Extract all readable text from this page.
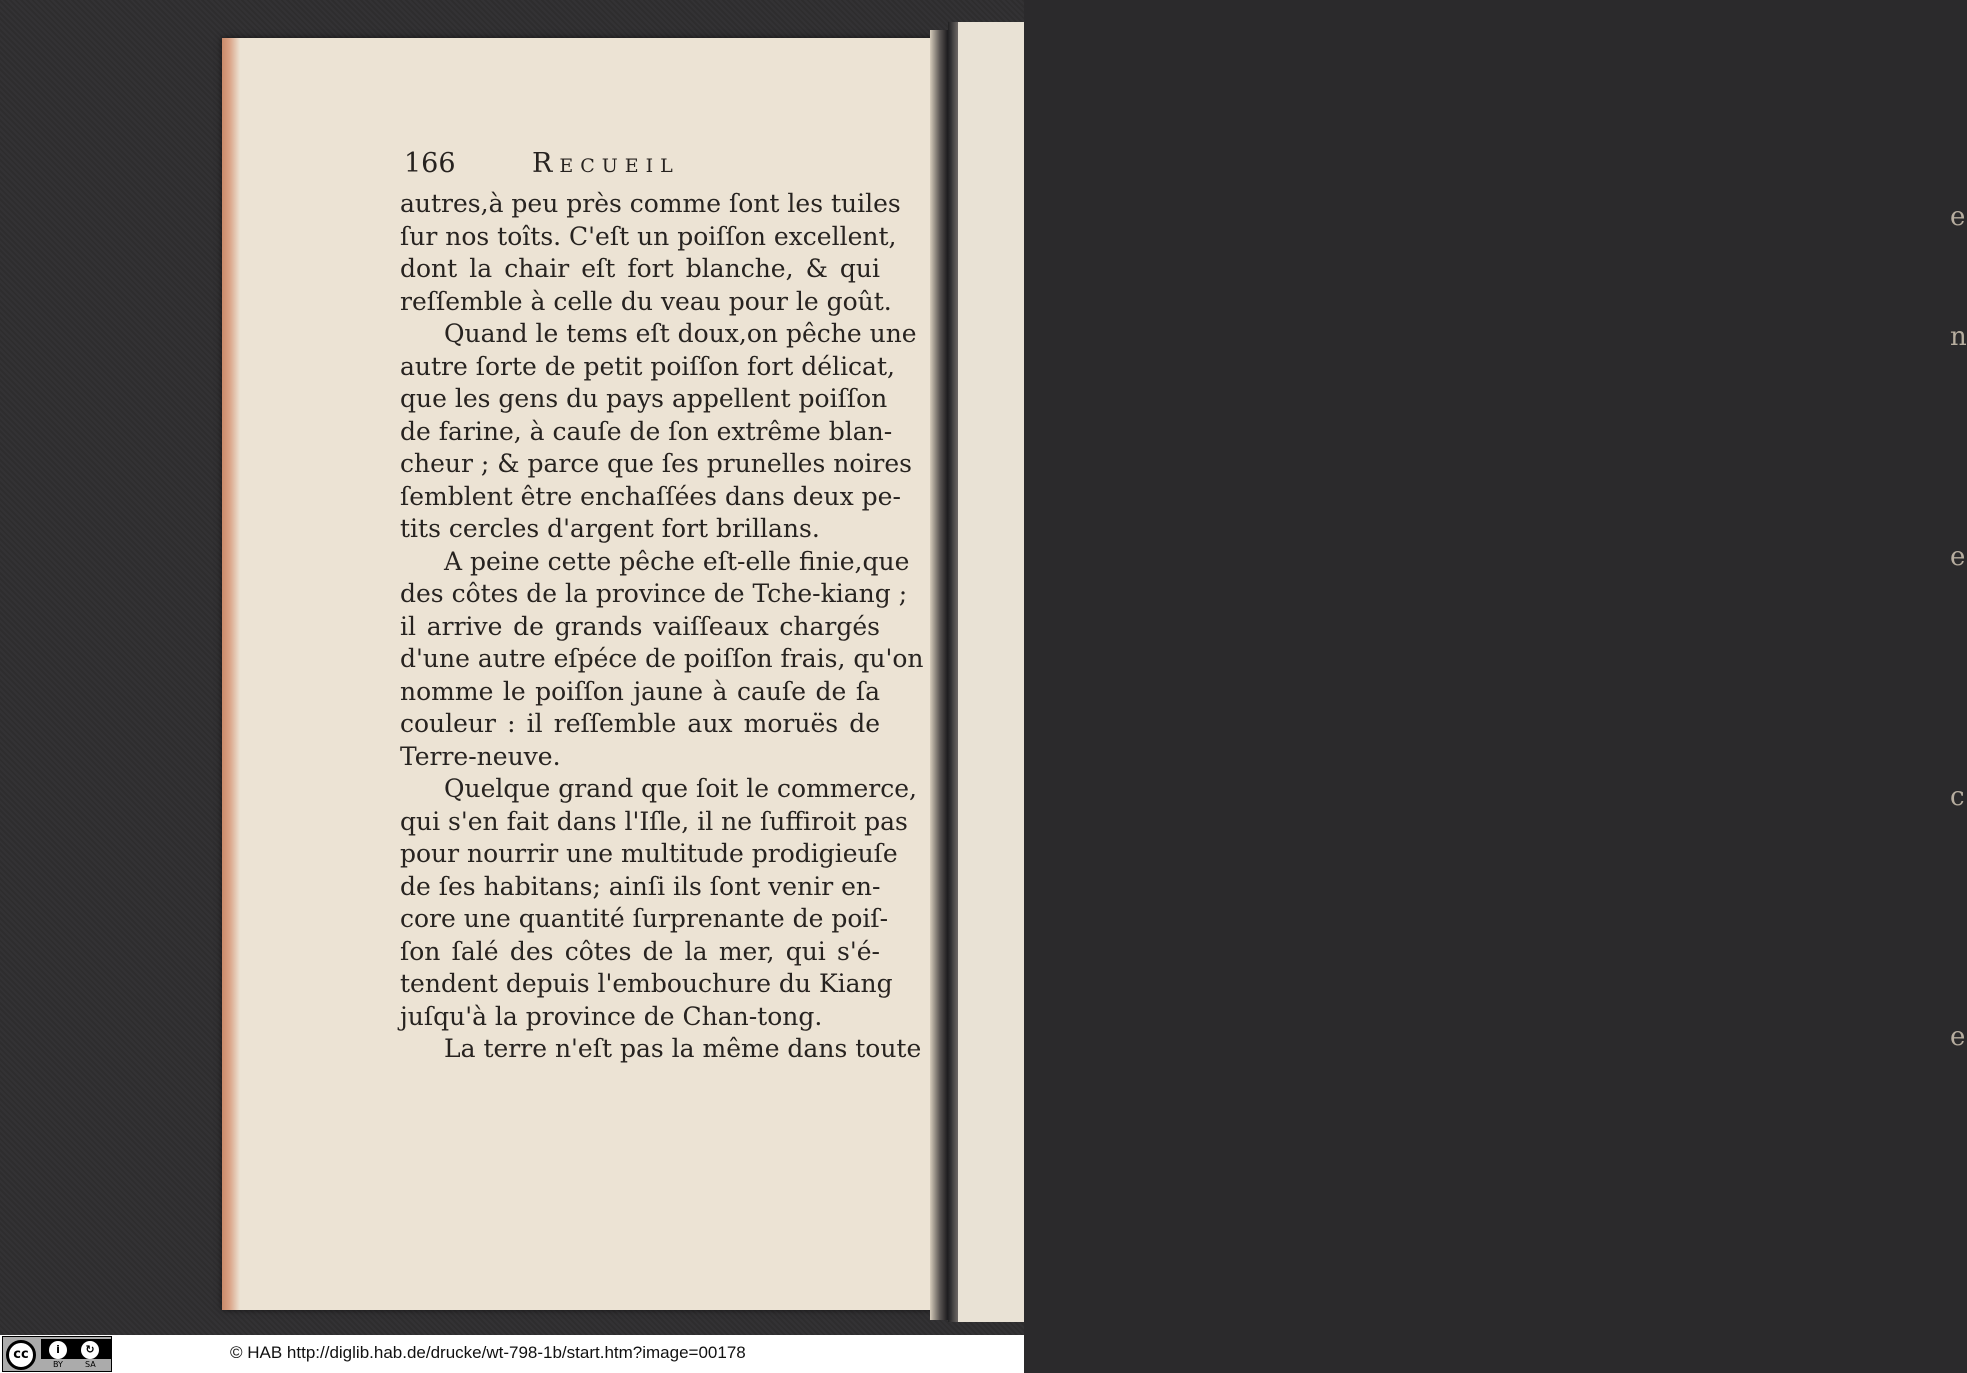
e
n
e
c
e
166	Recueil
autres,à peu près comme ſont les tuiles
ſur nos toîts. C'eſt un poiſſon excellent,
dont la chair eſt fort blanche, & qui
reſſemble à celle du veau pour le goût.
Quand le tems eſt doux,on pêche une
autre ſorte de petit poiſſon fort délicat,
que les gens du pays appellent poiſſon
de farine, à cauſe de ſon extrême blan-
cheur ; & parce que ſes prunelles noires
ſemblent être enchaſſées dans deux pe-
tits cercles d'argent fort brillans.
A peine cette pêche eſt-elle finie,que
des côtes de la province de Tche-kiang ;
il arrive de grands vaiſſeaux chargés
d'une autre eſpéce de poiſſon frais, qu'on
nomme le poiſſon jaune à cauſe de ſa
couleur : il reſſemble aux moruës de
Terre-neuve.
Quelque grand que ſoit le commerce,
qui s'en fait dans l'Iſle, il ne ſuffiroit pas
pour nourrir une multitude prodigieuſe
de ſes habitans; ainſi ils ſont venir en-
core une quantité ſurprenante de poiſ-
ſon ſalé des côtes de la mer, qui s'é-
tendent depuis l'embouchure du Kiang
juſqu'à la province de Chan-tong.
La terre n'eſt pas la même dans toute
cc	i	↻
BY	SA
© HAB http://diglib.hab.de/drucke/wt-798-1b/start.htm?image=00178
